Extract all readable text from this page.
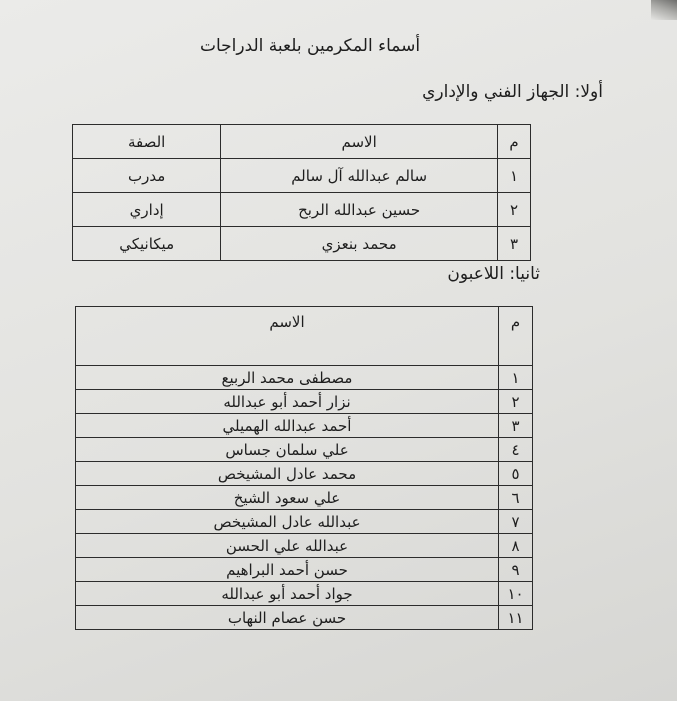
أسماء المكرمين بلعبة الدراجات
أولا: الجهاز الفني والإداري
م	الاسم	الصفة
١	سالم عبدالله آل سالم	مدرب
٢	حسين عبدالله الربح	إداري
٣	محمد بنعزي	ميكانيكي
ثانيا: اللاعبون
م	الاسم
١	مصطفى محمد الربيع
٢	نزار أحمد أبو عبدالله
٣	أحمد عبدالله الهميلي
٤	علي سلمان جساس
٥	محمد عادل المشيخص
٦	علي سعود الشيخ
٧	عبدالله عادل المشيخص
٨	عبدالله علي الحسن
٩	حسن أحمد البراهيم
١٠	جواد أحمد أبو عبدالله
١١	حسن عصام النهاب
